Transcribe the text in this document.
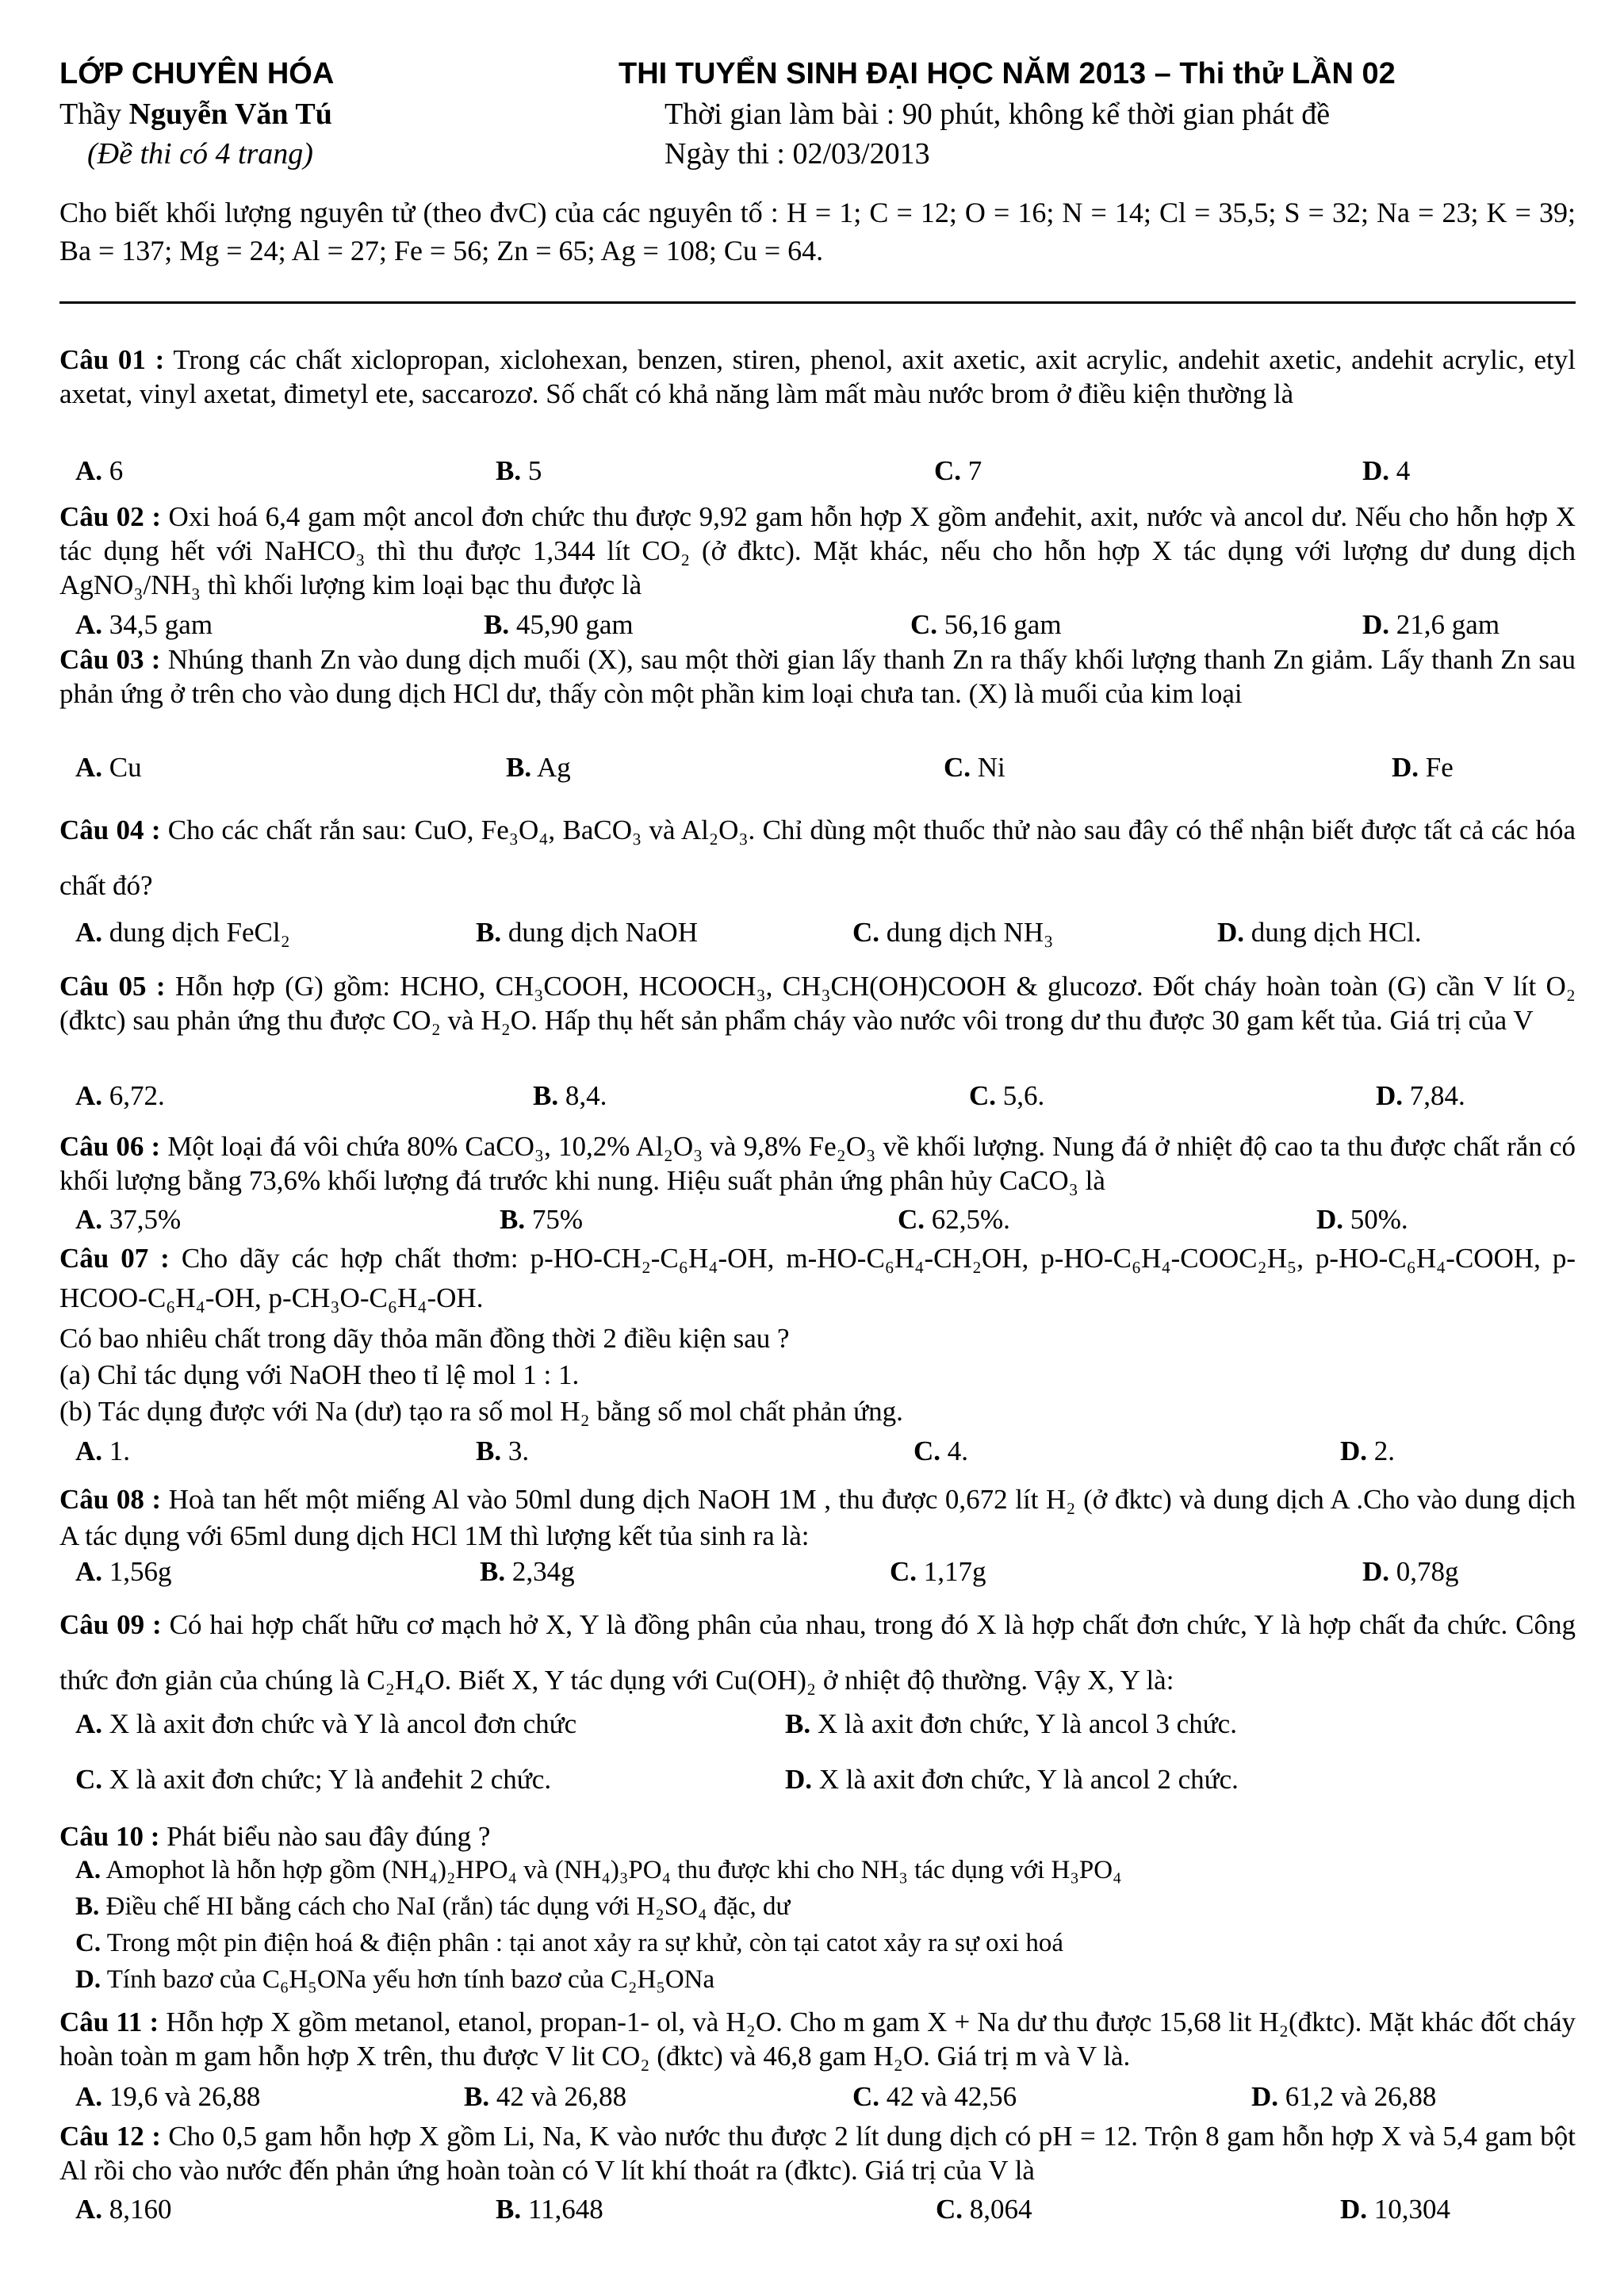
LỚP CHUYÊN HÓA	THI TUYỂN SINH ĐẠI HỌC NĂM 2013 – Thi thử LẦN 02
Thầy Nguyễn Văn Tú	Thời gian làm bài : 90 phút, không kể thời gian phát đề
(Đề thi có 4 trang)	Ngày thi : 02/03/2013
Cho biết khối lượng nguyên tử (theo đvC) của các nguyên tố : H = 1; C = 12; O = 16; N = 14; Cl = 35,5; S = 32; Na = 23; K = 39; Ba = 137; Mg = 24; Al = 27; Fe = 56; Zn = 65; Ag = 108; Cu = 64.
Câu 01 : Trong các chất xiclopropan, xiclohexan, benzen, stiren, phenol, axit axetic, axit acrylic, andehit axetic, andehit acrylic, etyl axetat, vinyl axetat, đimetyl ete, saccarozơ. Số chất có khả năng làm mất màu nước brom ở điều kiện thường là
A. 6	B. 5	C. 7	D. 4
Câu 02 : Oxi hoá 6,4 gam một ancol đơn chức thu được 9,92 gam hỗn hợp X gồm anđehit, axit, nước và ancol dư. Nếu cho hỗn hợp X tác dụng hết với NaHCO₃ thì thu được 1,344 lít CO₂ (ở đktc). Mặt khác, nếu cho hỗn hợp X tác dụng với lượng dư dung dịch AgNO₃/NH₃ thì khối lượng kim loại bạc thu được là
A. 34,5 gam	B. 45,90 gam	C. 56,16 gam	D. 21,6 gam
Câu 03 : Nhúng thanh Zn vào dung dịch muối (X), sau một thời gian lấy thanh Zn ra thấy khối lượng thanh Zn giảm. Lấy thanh Zn sau phản ứng ở trên cho vào dung dịch HCl dư, thấy còn một phần kim loại chưa tan. (X) là muối của kim loại
A. Cu	B. Ag	C. Ni	D. Fe
Câu 04 : Cho các chất rắn sau: CuO, Fe₃O₄, BaCO₃ và Al₂O₃. Chỉ dùng một thuốc thử nào sau đây có thể nhận biết được tất cả các hóa chất đó?
A. dung dịch FeCl₂	B. dung dịch NaOH	C. dung dịch NH₃	D. dung dịch HCl.
Câu 05 : Hỗn hợp (G) gồm: HCHO, CH₃COOH, HCOOCH₃, CH₃CH(OH)COOH & glucozơ. Đốt cháy hoàn toàn (G) cần V lít O₂ (đktc) sau phản ứng thu được CO₂ và H₂O. Hấp thụ hết sản phẩm cháy vào nước vôi trong dư thu được 30 gam kết tủa. Giá trị của V
A. 6,72.	B. 8,4.	C. 5,6.	D. 7,84.
Câu 06 : Một loại đá vôi chứa 80% CaCO₃, 10,2% Al₂O₃ và 9,8% Fe₂O₃ về khối lượng. Nung đá ở nhiệt độ cao ta thu được chất rắn có khối lượng bằng 73,6% khối lượng đá trước khi nung. Hiệu suất phản ứng phân hủy CaCO₃ là
A. 37,5%	B. 75%	C. 62,5%.	D. 50%.
Câu 07 : Cho dãy các hợp chất thơm: p-HO-CH₂-C₆H₄-OH, m-HO-C₆H₄-CH₂OH, p-HO-C₆H₄-COOC₂H₅, p-HO-C₆H₄-COOH, p-HCOO-C₆H₄-OH, p-CH₃O-C₆H₄-OH.
Có bao nhiêu chất trong dãy thỏa mãn đồng thời 2 điều kiện sau ?
(a) Chỉ tác dụng với NaOH theo tỉ lệ mol 1 : 1.
(b) Tác dụng được với Na (dư) tạo ra số mol H₂ bằng số mol chất phản ứng.
A. 1.	B. 3.	C. 4.	D. 2.
Câu 08 : Hoà tan hết một miếng Al vào 50ml dung dịch NaOH 1M , thu được 0,672 lít H₂ (ở đktc) và dung dịch A .Cho vào dung dịch A tác dụng với 65ml dung dịch HCl 1M thì lượng kết tủa sinh ra là:
A. 1,56g	B. 2,34g	C. 1,17g	D. 0,78g
Câu 09 : Có hai hợp chất hữu cơ mạch hở X, Y là đồng phân của nhau, trong đó X là hợp chất đơn chức, Y là hợp chất đa chức. Công thức đơn giản của chúng là C₂H₄O. Biết X, Y tác dụng với Cu(OH)₂ ở nhiệt độ thường. Vậy X, Y là:
A. X là axit đơn chức và Y là ancol đơn chức	B. X là axit đơn chức, Y là ancol 3 chức.
C. X là axit đơn chức; Y là anđehit 2 chức.	D. X là axit đơn chức, Y là ancol 2 chức.
Câu 10 : Phát biểu nào sau đây đúng ?
A. Amophot là hỗn hợp gồm (NH₄)₂HPO₄ và (NH₄)₃PO₄ thu được khi cho NH₃ tác dụng với H₃PO₄
B. Điều chế HI bằng cách cho NaI (rắn) tác dụng với H₂SO₄ đặc, dư
C. Trong một pin điện hoá & điện phân : tại anot xảy ra sự khử, còn tại catot xảy ra sự oxi hoá
D. Tính bazơ của C₆H₅ONa yếu hơn tính bazơ của C₂H₅ONa
Câu 11 : Hỗn hợp X gồm metanol, etanol, propan-1- ol, và H₂O. Cho m gam X + Na dư thu được 15,68 lit H₂(đktc). Mặt khác đốt cháy hoàn toàn m gam hỗn hợp X trên, thu được V lit CO₂ (đktc) và 46,8 gam H₂O. Giá trị m và V là.
A. 19,6 và 26,88	B. 42 và 26,88	C. 42 và 42,56	D. 61,2 và 26,88
Câu 12 : Cho 0,5 gam hỗn hợp X gồm Li, Na, K vào nước thu được 2 lít dung dịch có pH = 12. Trộn 8 gam hỗn hợp X và 5,4 gam bột Al rồi cho vào nước đến phản ứng hoàn toàn có V lít khí thoát ra (đktc). Giá trị của V là
A. 8,160	B. 11,648	C. 8,064	D. 10,304
